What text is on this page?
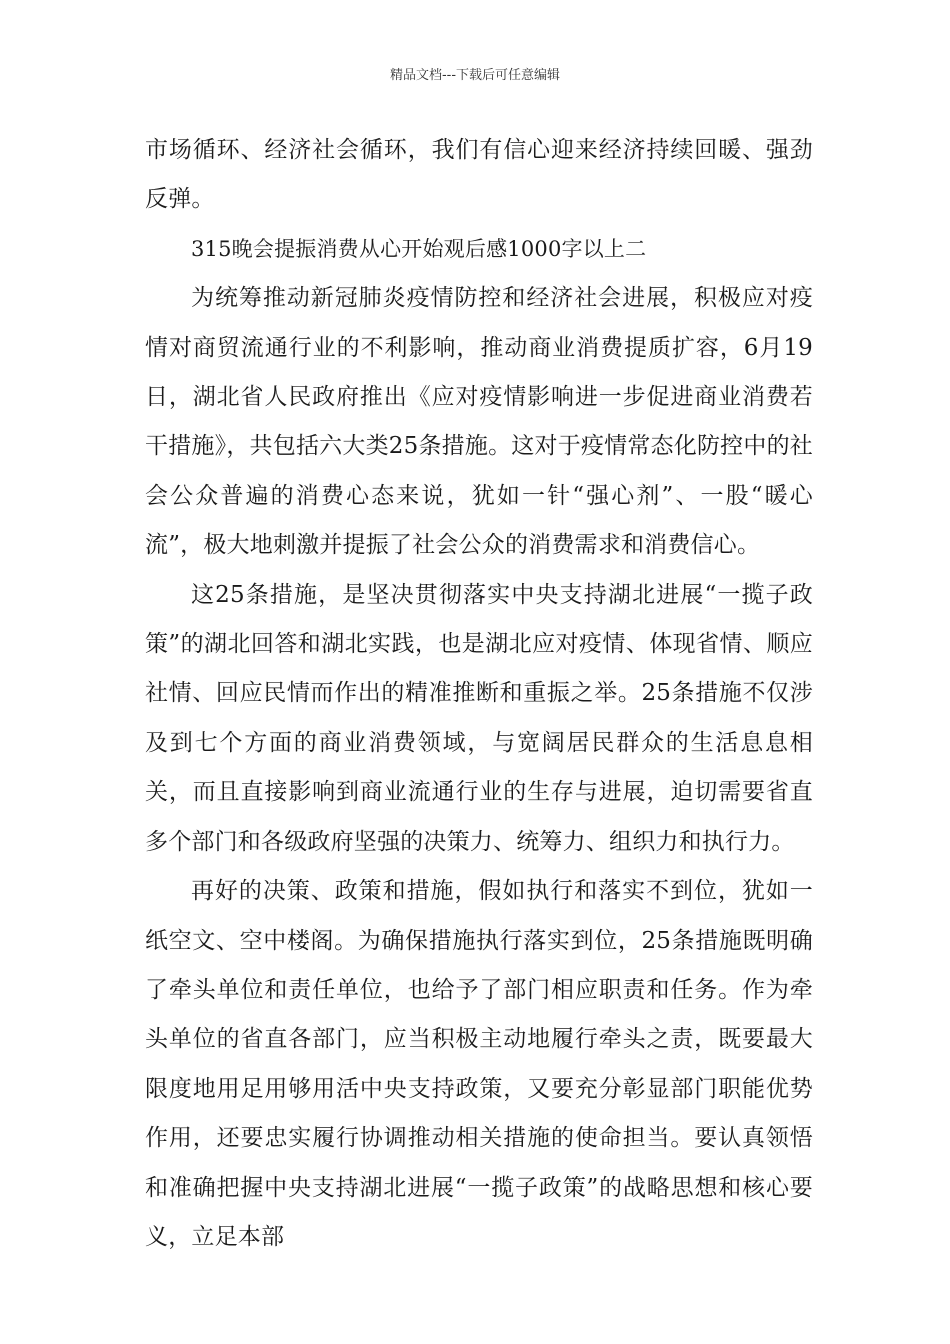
精品文档---下载后可任意编辑

市场循环、经济社会循环，我们有信心迎来经济持续回暖、强劲反弹。

315晚会提振消费从心开始观后感1000字以上二

为统筹推动新冠肺炎疫情防控和经济社会进展，积极应对疫情对商贸流通行业的不利影响，推动商业消费提质扩容，6月19日，湖北省人民政府推出《应对疫情影响进一步促进商业消费若干措施》，共包括六大类25条措施。这对于疫情常态化防控中的社会公众普遍的消费心态来说，犹如一针“强心剂”、一股“暖心流”，极大地刺激并提振了社会公众的消费需求和消费信心。

这25条措施，是坚决贯彻落实中央支持湖北进展“一揽子政策”的湖北回答和湖北实践，也是湖北应对疫情、体现省情、顺应社情、回应民情而作出的精准推断和重振之举。25条措施不仅涉及到七个方面的商业消费领域，与宽阔居民群众的生活息息相关，而且直接影响到商业流通行业的生存与进展，迫切需要省直多个部门和各级政府坚强的决策力、统筹力、组织力和执行力。

再好的决策、政策和措施，假如执行和落实不到位，犹如一纸空文、空中楼阁。为确保措施执行落实到位，25条措施既明确了牵头单位和责任单位，也给予了部门相应职责和任务。作为牵头单位的省直各部门，应当积极主动地履行牵头之责，既要最大限度地用足用够用活中央支持政策，又要充分彰显部门职能优势作用，还要忠实履行协调推动相关措施的使命担当。要认真领悟和准确把握中央支持湖北进展“一揽子政策”的战略思想和核心要义，立足本部
